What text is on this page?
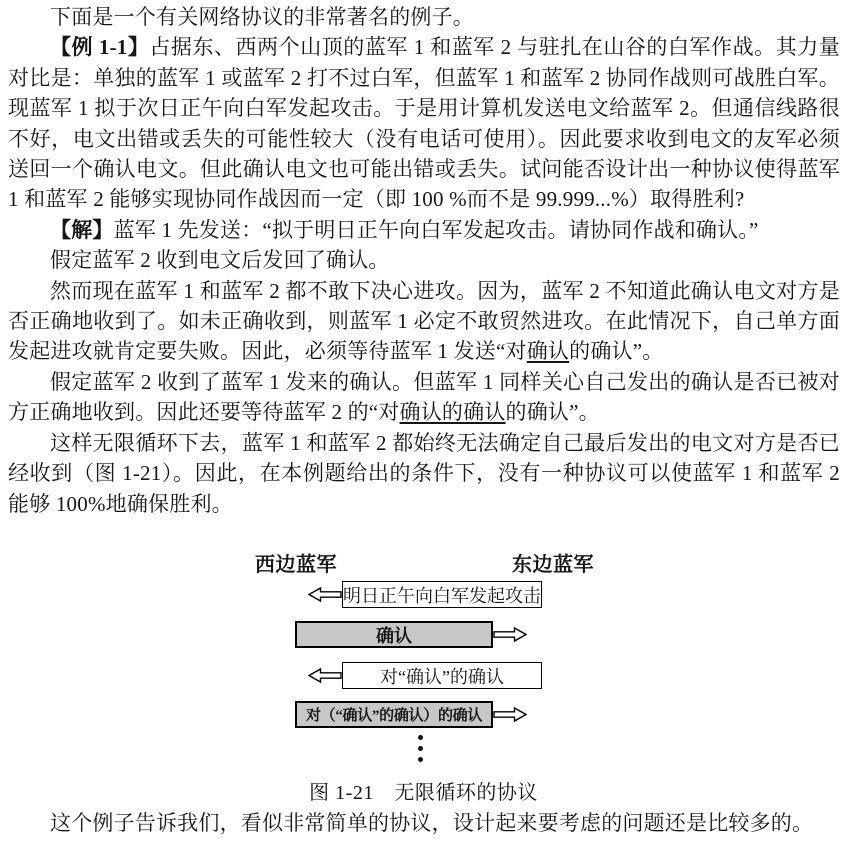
下面是一个有关网络协议的非常著名的例子。

【例 1-1】占据东、西两个山顶的蓝军 1 和蓝军 2 与驻扎在山谷的白军作战。其力量对比是：单独的蓝军 1 或蓝军 2 打不过白军，但蓝军 1 和蓝军 2 协同作战则可战胜白军。现蓝军 1 拟于次日正午向白军发起攻击。于是用计算机发送电文给蓝军 2。但通信线路很不好，电文出错或丢失的可能性较大（没有电话可使用）。因此要求收到电文的友军必须送回一个确认电文。但此确认电文也可能出错或丢失。试问能否设计出一种协议使得蓝军 1 和蓝军 2 能够实现协同作战因而一定（即 100 %而不是 99.999...%）取得胜利?

【解】蓝军 1 先发送：“拟于明日正午向白军发起攻击。请协同作战和确认。”

假定蓝军 2 收到电文后发回了确认。

然而现在蓝军 1 和蓝军 2 都不敢下决心进攻。因为，蓝军 2 不知道此确认电文对方是否正确地收到了。如未正确收到，则蓝军 1 必定不敢贸然进攻。在此情况下，自己单方面发起进攻就肯定要失败。因此，必须等待蓝军 1 发送“对确认的确认”。

假定蓝军 2 收到了蓝军 1 发来的确认。但蓝军 1 同样关心自己发出的确认是否已被对方正确地收到。因此还要等待蓝军 2 的“对确认的确认的确认”。

这样无限循环下去，蓝军 1 和蓝军 2 都始终无法确定自己最后发出的电文对方是否已经收到（图 1-21）。因此，在本例题给出的条件下，没有一种协议可以使蓝军 1 和蓝军 2 能够 100%地确保胜利。

西边蓝军	东边蓝军
明日正午向白军发起攻击
确认
对“确认”的确认
对（“确认”的确认）的确认
图 1-21　无限循环的协议

这个例子告诉我们，看似非常简单的协议，设计起来要考虑的问题还是比较多的。
